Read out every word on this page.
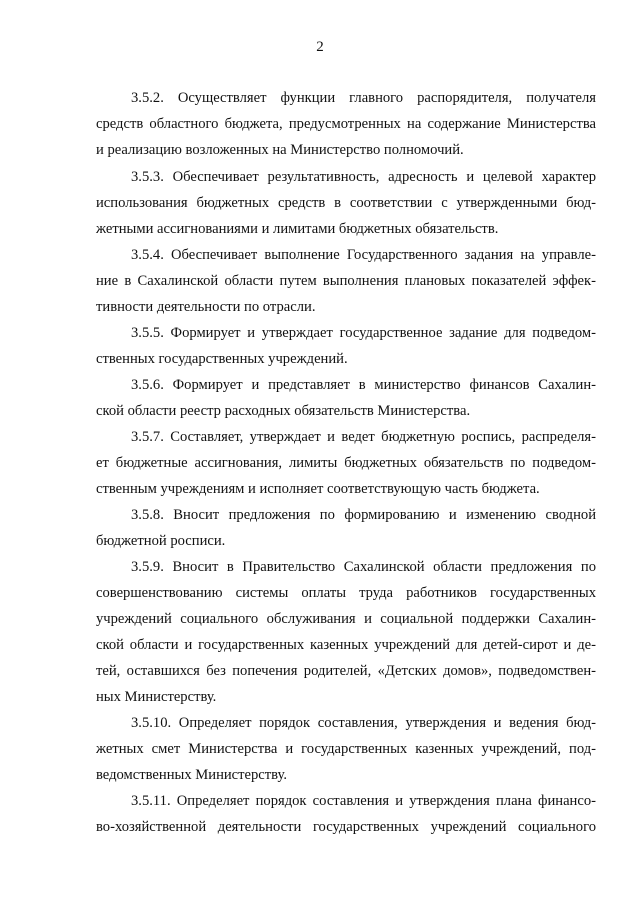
2
3.5.2. Осуществляет функции главного распорядителя, получателя
средств областного бюджета, предусмотренных на содержание Министерства
и реализацию возложенных на Министерство полномочий.
3.5.3. Обеспечивает результативность, адресность и целевой характер
использования бюджетных средств в соответствии с утвержденными бюд-
жетными ассигнованиями и лимитами бюджетных обязательств.
3.5.4. Обеспечивает выполнение Государственного задания на управле-
ние в Сахалинской области путем выполнения плановых показателей эффек-
тивности деятельности по отрасли.
3.5.5. Формирует и утверждает государственное задание для подведом-
ственных государственных учреждений.
3.5.6. Формирует и представляет в министерство финансов Сахалин-
ской области реестр расходных обязательств Министерства.
3.5.7. Составляет, утверждает и ведет бюджетную роспись, распределя-
ет бюджетные ассигнования, лимиты бюджетных обязательств по подведом-
ственным учреждениям и исполняет соответствующую часть бюджета.
3.5.8. Вносит предложения по формированию и изменению сводной
бюджетной росписи.
3.5.9. Вносит в Правительство Сахалинской области предложения по
совершенствованию системы оплаты труда работников государственных
учреждений социального обслуживания и социальной поддержки Сахалин-
ской области и государственных казенных учреждений для детей-сирот и де-
тей, оставшихся без попечения родителей, «Детских домов», подведомствен-
ных Министерству.
3.5.10. Определяет порядок составления, утверждения и ведения бюд-
жетных смет Министерства и государственных казенных учреждений, под-
ведомственных Министерству.
3.5.11. Определяет порядок составления и утверждения плана финансо-
во-хозяйственной деятельности государственных учреждений социального
